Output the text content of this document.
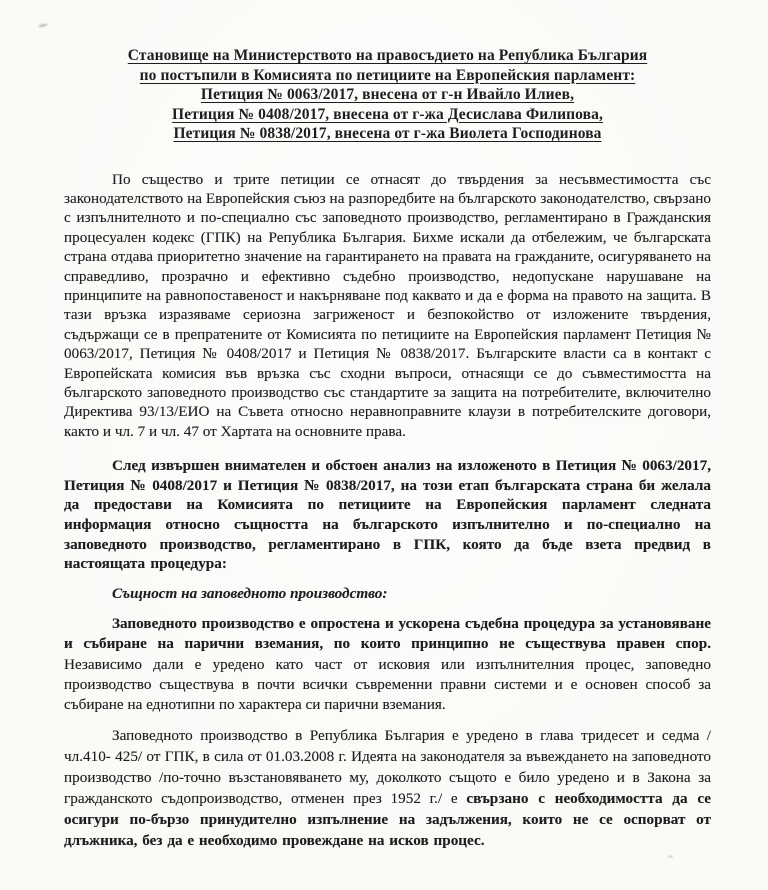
Становище на Министерството на правосъдието на Република България
по постъпили в Комисията по петициите на Европейския парламент:
Петиция № 0063/2017, внесена от г-н Ивайло Илиев,
Петиция № 0408/2017, внесена от г-жа Десислава Филипова,
Петиция № 0838/2017, внесена от г-жа Виолета Господинова

По същество и трите петиции се отнасят до твърдения за несъвместимостта със законодателството на Европейския съюз на разпоредбите на българското законодателство, свързано с изпълнителното и по-специално със заповедното производство, регламентирано в Гражданския процесуален кодекс (ГПК) на Република България. Бихме искали да отбележим, че българската страна отдава приоритетно значение на гарантирането на правата на гражданите, осигуряването на справедливо, прозрачно и ефективно съдебно производство, недопускане нарушаване на принципите на равнопоставеност и накърняване под каквато и да е форма на правото на защита. В тази връзка изразяваме сериозна загриженост и безпокойство от изложените твърдения, съдържащи се в препратените от Комисията по петициите на Европейския парламент Петиция № 0063/2017, Петиция № 0408/2017 и Петиция № 0838/2017. Българските власти са в контакт с Европейската комисия във връзка със сходни въпроси, отнасящи се до съвместимостта на българското заповедното производство със стандартите за защита на потребителите, включително Директива 93/13/ЕИО на Съвета относно неравноправните клаузи в потребителските договори, както и чл. 7 и чл. 47 от Хартата на основните права.

След извършен внимателен и обстоен анализ на изложеното в Петиция № 0063/2017, Петиция № 0408/2017 и Петиция № 0838/2017, на този етап българската страна би желала да предостави на Комисията по петициите на Европейския парламент следната информация относно същността на българското изпълнително и по-специално на заповедното производство, регламентирано в ГПК, която да бъде взета предвид в настоящата процедура:

Същност на заповедното производство:

Заповедното производство е опростена и ускорена съдебна процедура за установяване и събиране на парични вземания, по които принципно не съществува правен спор. Независимо дали е уредено като част от исковия или изпълнителния процес, заповедно производство съществува в почти всички съвременни правни системи и е основен способ за събиране на еднотипни по характера си парични вземания.

Заповедното производство в Република България е уредено в глава тридесет и седма /чл.410- 425/ от ГПК, в сила от 01.03.2008 г. Идеята на законодателя за въвеждането на заповедното производство /по-точно възстановяването му, доколкото същото е било уредено и в Закона за гражданското съдопроизводство, отменен през 1952 г./ е свързано с необходимостта да се осигури по-бързо принудително изпълнение на задължения, които не се оспорват от длъжника, без да е необходимо провеждане на исков процес.
